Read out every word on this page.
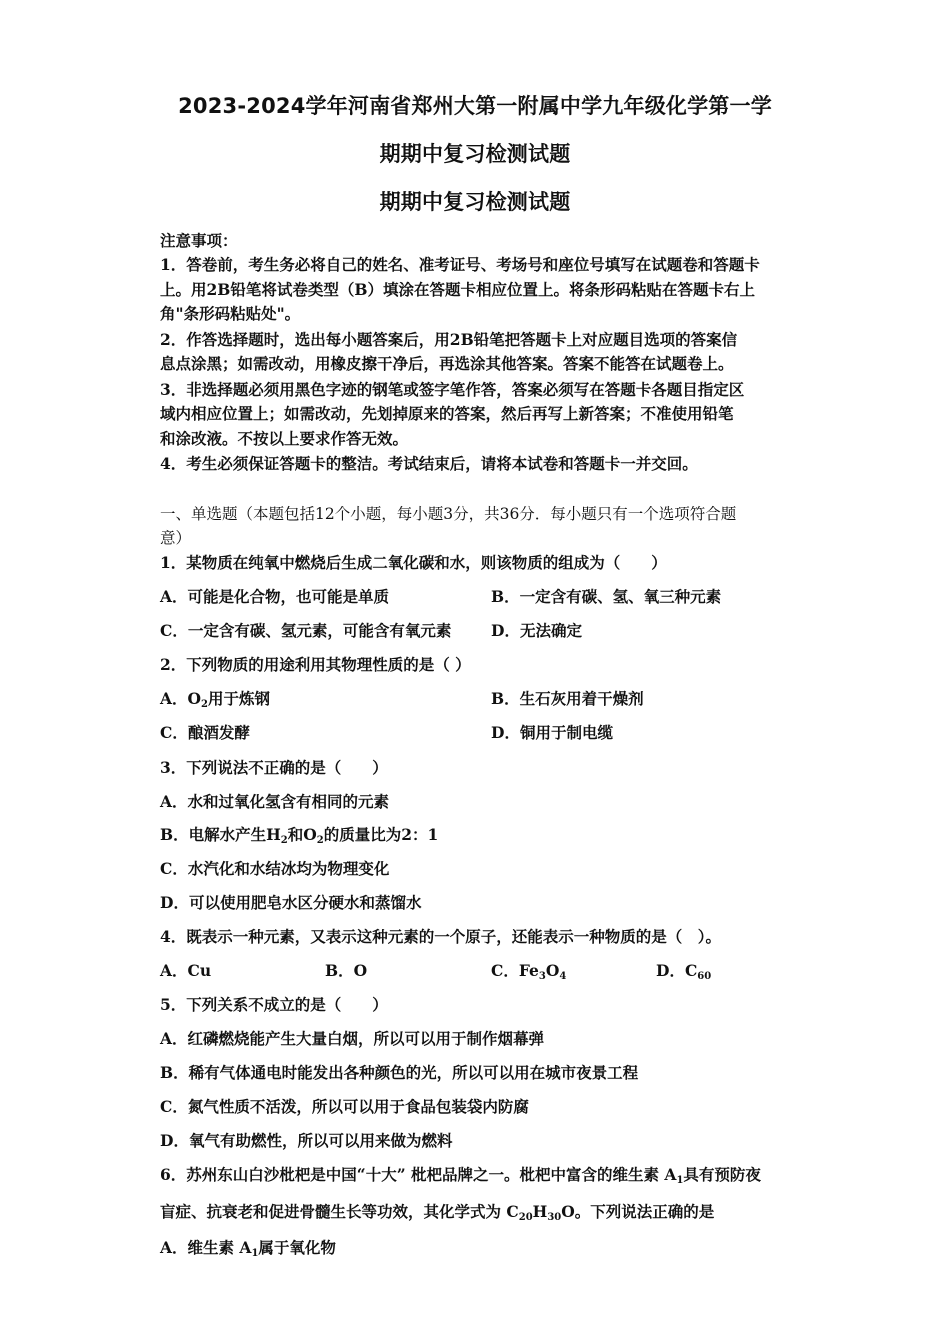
2023-2024学年河南省郑州大第一附属中学九年级化学第一学
期期中复习检测试题
期期中复习检测试题
注意事项：
1．答卷前，考生务必将自己的姓名、准考证号、考场号和座位号填写在试题卷和答题卡
上。用2B铅笔将试卷类型（B）填涂在答题卡相应位置上。将条形码粘贴在答题卡右上
角"条形码粘贴处"。
2．作答选择题时，选出每小题答案后，用2B铅笔把答题卡上对应题目选项的答案信
息点涂黑；如需改动，用橡皮擦干净后，再选涂其他答案。答案不能答在试题卷上。
3．非选择题必须用黑色字迹的钢笔或签字笔作答，答案必须写在答题卡各题目指定区
域内相应位置上；如需改动，先划掉原来的答案，然后再写上新答案；不准使用铅笔
和涂改液。不按以上要求作答无效。
4．考生必须保证答题卡的整洁。考试结束后，请将本试卷和答题卡一并交回。
一、单选题（本题包括12个小题，每小题3分，共36分．每小题只有一个选项符合题
意）
1．某物质在纯氧中燃烧后生成二氧化碳和水，则该物质的组成为（　　）
A．可能是化合物，也可能是单质	B．一定含有碳、氢、氧三种元素
C．一定含有碳、氢元素，可能含有氧元素	D．无法确定
2．下列物质的用途利用其物理性质的是（ ）
A．$O_2$用于炼钢	B．生石灰用着干燥剂
C．酿酒发酵	D．铜用于制电缆
3．下列说法不正确的是（　　）
A．水和过氧化氢含有相同的元素
B．电解水产生$H_2$和$O_2$的质量比为2：1
C．水汽化和水结冰均为物理变化
D．可以使用肥皂水区分硬水和蒸馏水
4．既表示一种元素，又表示这种元素的一个原子，还能表示一种物质的是（　）。
A．Cu	B．O	C．$Fe_3O_4$	D．$C_{60}$
5．下列关系不成立的是（　　）
A．红磷燃烧能产生大量白烟，所以可以用于制作烟幕弹
B．稀有气体通电时能发出各种颜色的光，所以可以用在城市夜景工程
C．氮气性质不活泼，所以可以用于食品包装袋内防腐
D．氧气有助燃性，所以可以用来做为燃料
6．苏州东山白沙枇杷是中国“十大” 枇杷品牌之一。枇杷中富含的维生素 $A_1$具有预防夜
盲症、抗衰老和促进骨髓生长等功效，其化学式为 $C_{20}H_{30}O$。下列说法正确的是
A．维生素 $A_1$属于氧化物
